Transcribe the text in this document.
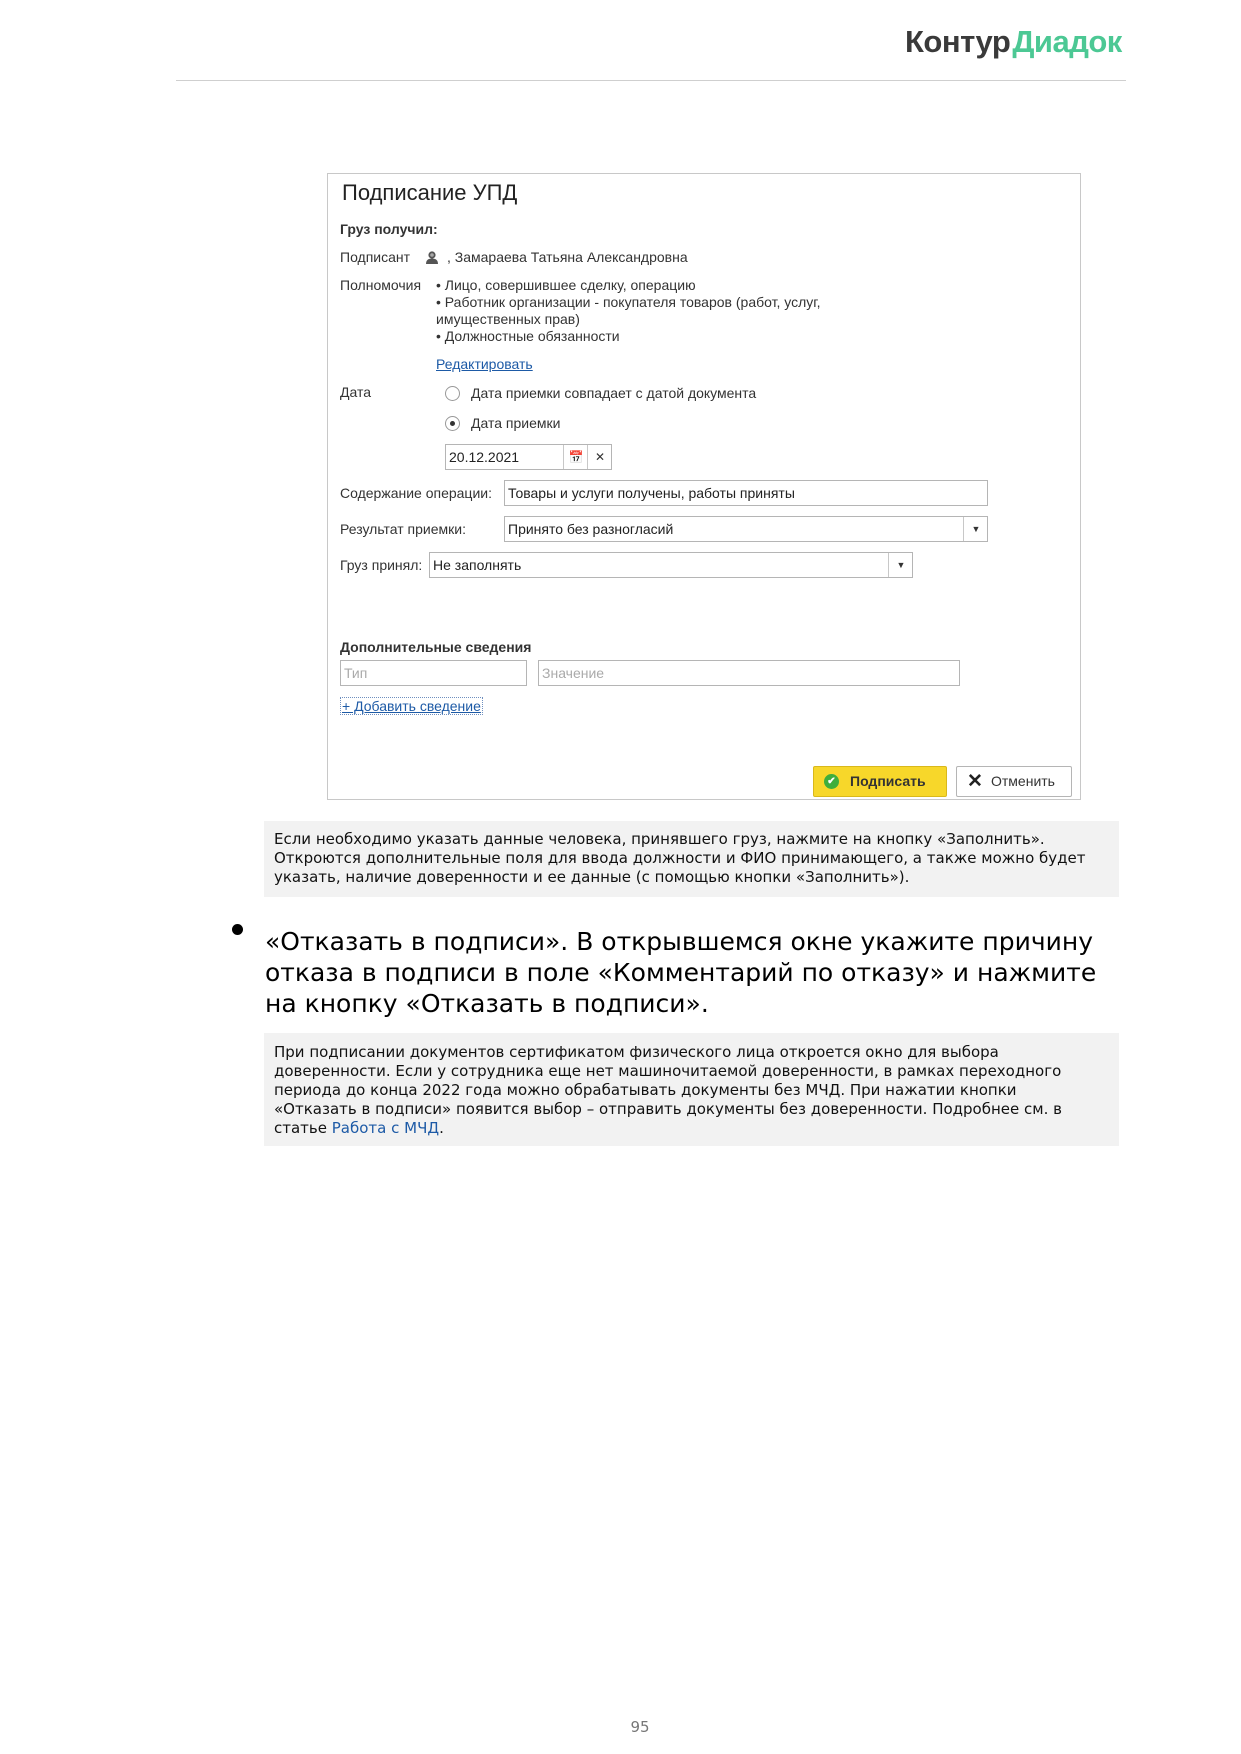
КонтурДиадок
Подписание УПД
Груз получил:
Подписант	, Замараева Татьяна Александровна
Полномочия • Лицо, совершившее сделку, операцию
• Работник организации - покупателя товаров (работ, услуг,
имущественных прав)
• Должностные обязанности
Редактировать
Дата	Дата приемки совпадает с датой документа
Дата приемки
20.12.2021	📅 ✕
Содержание операции: Товары и услуги получены, работы приняты
Результат приемки:	Принято без разногласий	▼
Груз принял: Не заполнять	▼
Дополнительные сведения
Тип	Значение
+ Добавить сведение
✔ Подписать	✕ Отменить
Если необходимо указать данные человека, принявшего груз, нажмите на кнопку «Заполнить».
Откроются дополнительные поля для ввода должности и ФИО принимающего, а также можно будет
указать, наличие доверенности и ее данные (с помощью кнопки «Заполнить»).
«Отказать в подписи». В открывшемся окне укажите причину
отказа в подписи в поле «Комментарий по отказу» и нажмите
на кнопку «Отказать в подписи».
При подписании документов сертификатом физического лица откроется окно для выбора
доверенности. Если у сотрудника еще нет машиночитаемой доверенности, в рамках переходного
периода до конца 2022 года можно обрабатывать документы без МЧД. При нажатии кнопки
«Отказать в подписи» появится выбор – отправить документы без доверенности. Подробнее см. в
статье Работа с МЧД.
95
